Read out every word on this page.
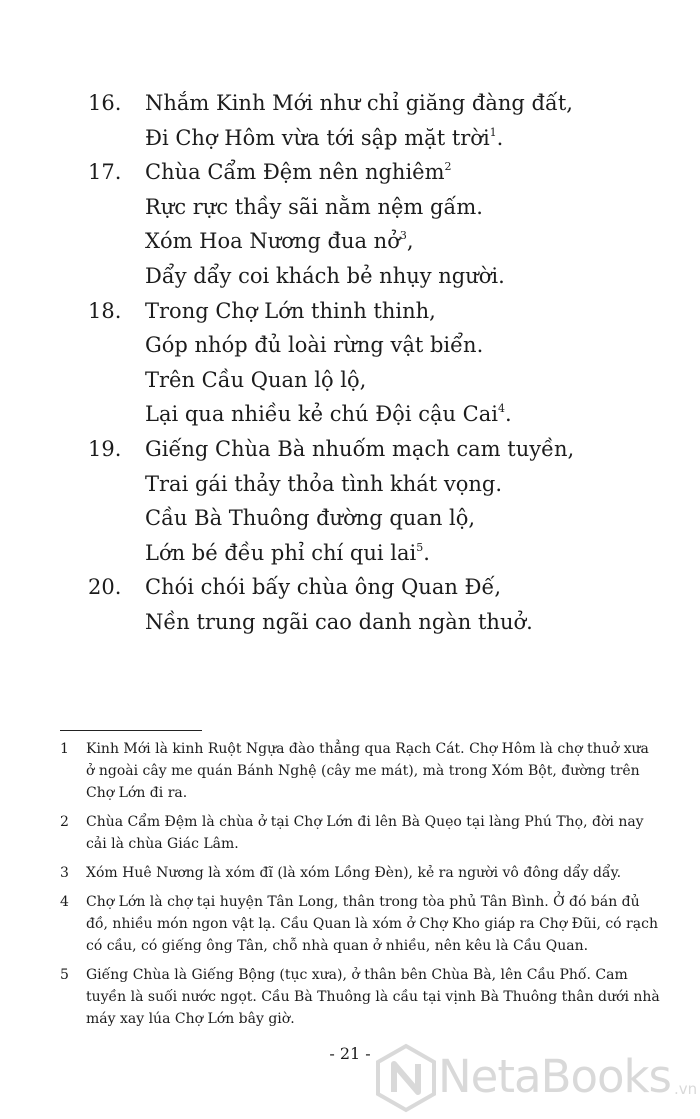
16.	Nhắm Kinh Mới như chỉ giăng đàng đất,
Đi Chợ Hôm vừa tới sập mặt trời$^1$.
17.	Chùa Cẩm Đệm nên nghiêm$^2$
Rực rực thầy sãi nằm nệm gấm.
Xóm Hoa Nương đua nở$^3$,
Dẩy dẩy coi khách bẻ nhụy người.
18.	Trong Chợ Lớn thinh thinh,
Góp nhóp đủ loài rừng vật biển.
Trên Cầu Quan lộ lộ,
Lại qua nhiều kẻ chú Đội cậu Cai$^4$.
19.	Giếng Chùa Bà nhuốm mạch cam tuyền,
Trai gái thảy thỏa tình khát vọng.
Cầu Bà Thuông đường quan lộ,
Lớn bé đều phỉ chí qui lai$^5$.
20.	Chói chói bấy chùa ông Quan Đế,
Nền trung ngãi cao danh ngàn thuở.
1 Kinh Mới là kinh Ruột Ngựa đào thẳng qua Rạch Cát. Chợ Hôm là chợ thuở xưa ở ngoài cây me quán Bánh Nghệ (cây me mát), mà trong Xóm Bột, đường trên Chợ Lớn đi ra.
2 Chùa Cẩm Đệm là chùa ở tại Chợ Lớn đi lên Bà Quẹo tại làng Phú Thọ, đời nay cải là chùa Giác Lâm.
3 Xóm Huê Nương là xóm đĩ (là xóm Lồng Đèn), kẻ ra người vô đông dẩy dẩy.
4 Chợ Lớn là chợ tại huyện Tân Long, thân trong tòa phủ Tân Bình. Ở đó bán đủ đồ, nhiều món ngon vật lạ. Cầu Quan là xóm ở Chợ Kho giáp ra Chợ Đũi, có rạch có cầu, có giếng ông Tân, chỗ nhà quan ở nhiều, nên kêu là Cầu Quan.
5 Giếng Chùa là Giếng Bộng (tục xưa), ở thân bên Chùa Bà, lên Cầu Phố. Cam tuyền là suối nước ngọt. Cầu Bà Thuông là cầu tại vịnh Bà Thuông thân dưới nhà máy xay lúa Chợ Lớn bây giờ.
- 21 -	NetaBooks .vn
